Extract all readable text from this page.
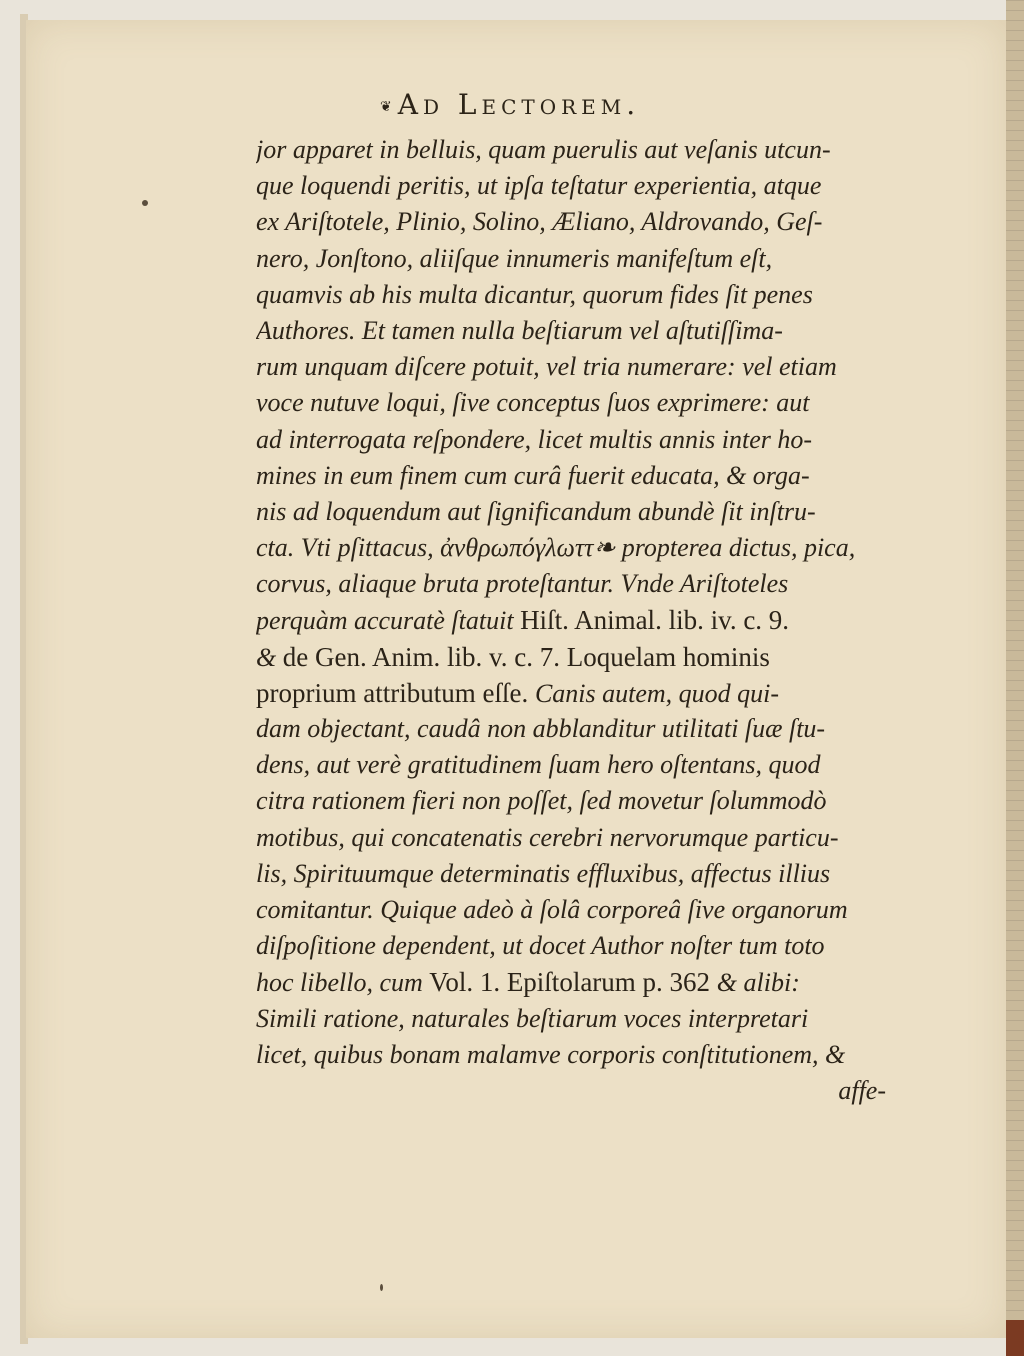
❦ Ad Lectorem.
jor apparet in belluis, quam puerulis aut veſanis utcun-
que loquendi peritis, ut ipſa teſtatur experientia, atque
ex Ariſtotele, Plinio, Solino, Æliano, Aldrovando, Geſ-
nero, Jonſtono, aliiſque innumeris manifeſtum eſt,
quamvis ab his multa dicantur, quorum fides ſit penes
Authores. Et tamen nulla beſtiarum vel aſtutiſſima-
rum unquam diſcere potuit, vel tria numerare: vel etiam
voce nutuve loqui, ſive conceptus ſuos exprimere: aut
ad interrogata reſpondere, licet multis annis inter ho-
mines in eum finem cum curâ fuerit educata, & orga-
nis ad loquendum aut ſignificandum abundè ſit inſtru-
cta. Vti pſittacus, ἀνθρωπόγλωττ❧ propterea dictus, pica,
corvus, aliaque bruta proteſtantur. Vnde Ariſtoteles
perquàm accuratè ſtatuit Hiſt. Animal. lib. iv. c. 9.
& de Gen. Anim. lib. v. c. 7. Loquelam hominis
proprium attributum eſſe. Canis autem, quod qui-
dam objectant, caudâ non abblanditur utilitati ſuæ ſtu-
dens, aut verè gratitudinem ſuam hero oſtentans, quod
citra rationem fieri non poſſet, ſed movetur ſolummodò
motibus, qui concatenatis cerebri nervorumque particu-
lis, Spirituumque determinatis effluxibus, affectus illius
comitantur. Quique adeò à ſolâ corporeâ ſive organorum
diſpoſitione dependent, ut docet Author noſter tum toto
hoc libello, cum Vol. 1. Epiſtolarum p. 362 & alibi:
Simili ratione, naturales beſtiarum voces interpretari
licet, quibus bonam malamve corporis conſtitutionem, &
affe-
